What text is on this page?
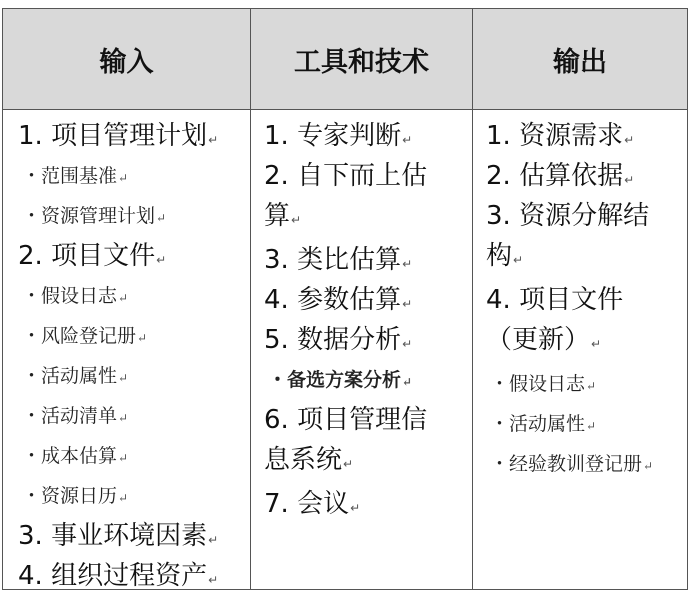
输入	工具和技术	输出
1. 项目管理计划↵
・范围基准↵
・资源管理计划↵
2. 项目文件↵
・假设日志↵
・风险登记册↵
・活动属性↵
・活动清单↵
・成本估算↵
・资源日历↵
3. 事业环境因素↵
4. 组织过程资产↵
1. 专家判断↵
2. 自下而上估算↵
3. 类比估算↵
4. 参数估算↵
5. 数据分析↵
・备选方案分析↵
6. 项目管理信息系统↵
7. 会议↵
1. 资源需求↵
2. 估算依据↵
3. 资源分解结构↵
4. 项目文件（更新）↵
・假设日志↵
・活动属性↵
・经验教训登记册↵
